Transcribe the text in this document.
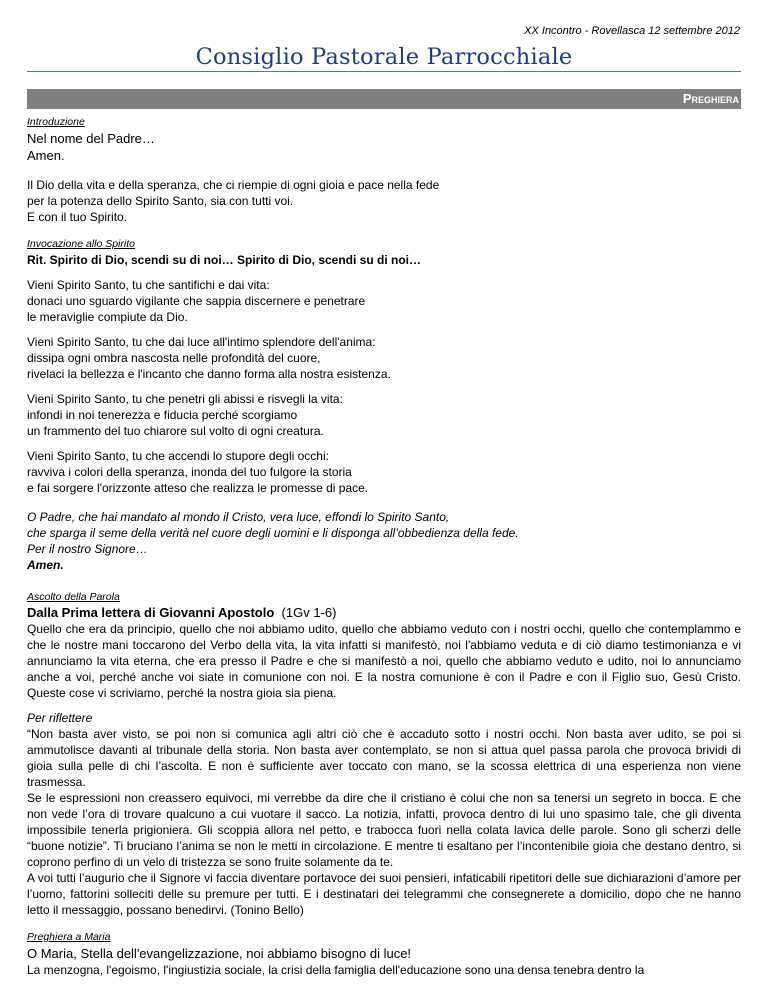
XX Incontro - Rovellasca 12 settembre 2012
Consiglio Pastorale Parrocchiale
Preghiera
Introduzione
Nel nome del Padre…
Amen.
Il Dio della vita e della speranza, che ci riempie di ogni gioia e pace nella fede
per la potenza dello Spirito Santo, sia con tutti voi.
E con il tuo Spirito.
Invocazione allo Spirito

Rit. Spirito di Dio, scendi su di noi… Spirito di Dio, scendi su di noi…

Vieni Spirito Santo, tu che santifichi e dai vita:
donaci uno sguardo vigilante che sappia discernere e penetrare
le meraviglie compiute da Dio.
Vieni Spirito Santo, tu che dai luce all'intimo splendore dell'anima:
dissipa ogni ombra nascosta nelle profondità del cuore,
rivelaci la bellezza e l'incanto che danno forma alla nostra esistenza.
Vieni Spirito Santo, tu che penetri gli abissi e risvegli la vita:
infondi in noi tenerezza e fiducia perché scorgiamo
un frammento del tuo chiarore sul volto di ogni creatura.
Vieni Spirito Santo, tu che accendi lo stupore degli occhi:
ravviva i colori della speranza, inonda del tuo fulgore la storia
e fai sorgere l'orizzonte atteso che realizza le promesse di pace.
O Padre, che hai mandato al mondo il Cristo, vera luce, effondi lo Spirito Santo,
che sparga il seme della verità nel cuore degli uomini e li disponga all’obbedienza della fede.
Per il nostro Signore…
Amen.
Ascolto della Parola
Dalla Prima lettera di Giovanni Apostolo (1Gv 1-6)

Quello che era da principio, quello che noi abbiamo udito, quello che abbiamo veduto con i nostri occhi, quello che contemplammo e che le nostre mani toccarono del Verbo della vita, la vita infatti si manifestò, noi l'abbiamo veduta e di ciò diamo testimonianza e vi annunciamo la vita eterna, che era presso il Padre e che si manifestò a noi, quello che abbiamo veduto e udito, noi lo annunciamo anche a voi, perché anche voi siate in comunione con noi. E la nostra comunione è con il Padre e con il Figlio suo, Gesù Cristo. Queste cose vi scriviamo, perché la nostra gioia sia piena.

Per riflettere

“Non basta aver visto, se poi non si comunica agli altri ciò che è accaduto sotto i nostri occhi. Non basta aver udito, se poi si ammutolisce davanti al tribunale della storia. Non basta aver contemplato, se non si attua quel passa parola che provoca brividi di gioia sulla pelle di chi l’ascolta. E non è sufficiente aver toccato con mano, se la scossa elettrica di una esperienza non viene trasmessa.

Se le espressioni non creassero equivoci, mi verrebbe da dire che il cristiano è colui che non sa tenersi un segreto in bocca. E che non vede l’ora di trovare qualcuno a cui vuotare il sacco. La notizia, infatti, provoca dentro di lui uno spasimo tale, che gli diventa impossibile tenerla prigioniera. Gli scoppia allora nel petto, e trabocca fuori nella colata lavica delle parole. Sono gli scherzi delle “buone notizie”. Ti bruciano l’anima se non le metti in circolazione. E mentre ti esaltano per l’incontenibile gioia che destano dentro, si coprono perfino di un velo di tristezza se sono fruite solamente da te.

A voi tutti l’augurio che il Signore vi faccia diventare portavoce dei suoi pensieri, infaticabili ripetitori delle sue dichiarazioni d’amore per l’uomo, fattorini solleciti delle su premure per tutti. E i destinatari dei telegrammi che consegnerete a domicilio, dopo che ne hanno letto il messaggio, possano benedirvi. (Tonino Bello)

Preghiera a Maria
O Maria, Stella dell'evangelizzazione, noi abbiamo bisogno di luce!
La menzogna, l'egoismo, l'ingiustizia sociale, la crisi della famiglia dell'educazione sono una densa tenebra dentro la
